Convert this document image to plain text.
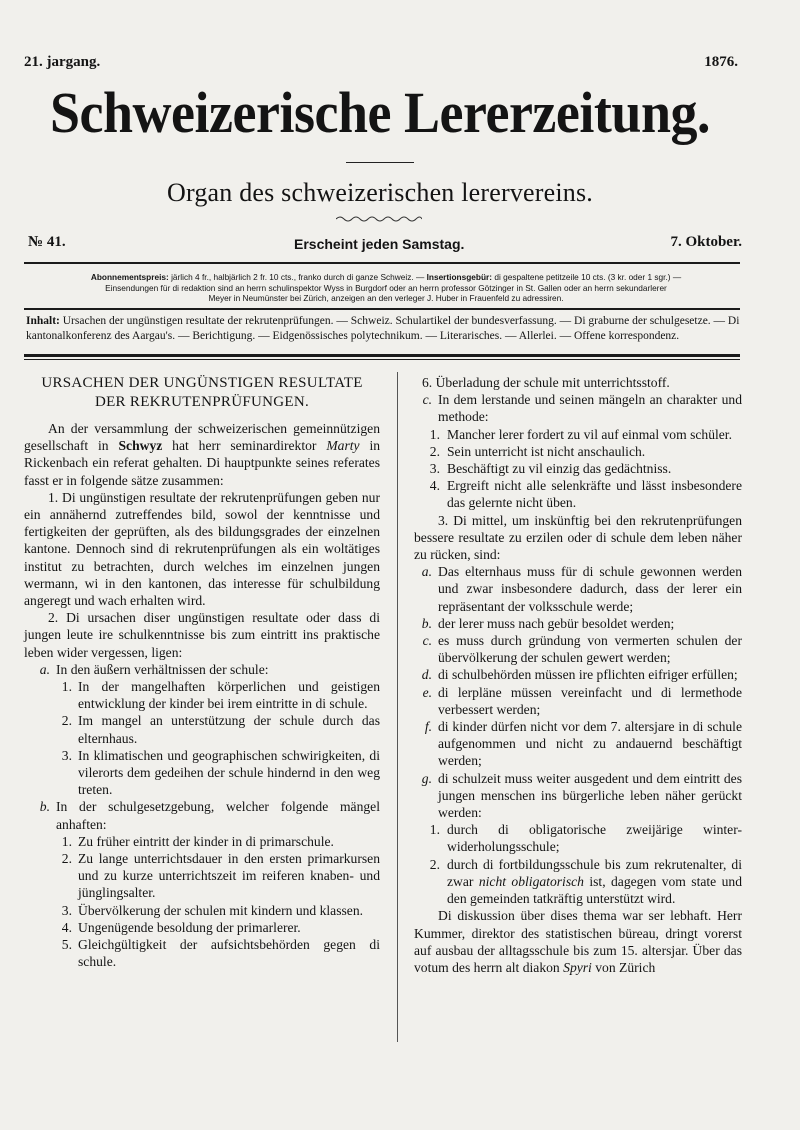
21. jargang.	1876.
Schweizerische Lererzeitung.
Organ des schweizerischen lerervereins.
№ 41.	Erscheint jeden Samstag.	7. Oktober.
Abonnementspreis: järlich 4 fr., halbjärlich 2 fr. 10 cts., franko durch di ganze Schweiz. — Insertionsgebür: di gespaltene petitzeile 10 cts. (3 kr. oder 1 sgr.) —
Einsendungen für di redaktion sind an herrn schulinspektor Wyss in Burgdorf oder an herrn professor Götzinger in St. Gallen oder an herrn sekundarlerer
Meyer in Neumünster bei Zürich, anzeigen an den verleger J. Huber in Frauenfeld zu adressiren.
Inhalt: Ursachen der ungünstigen resultate der rekrutenprüfungen. — Schweiz. Schulartikel der bundesverfassung. — Di graburne der schulgesetze. — Di kantonalkonferenz des Aargau's. — Berichtigung. — Eidgenössisches polytechnikum. — Literarisches. — Allerlei. — Offene korrespondenz.
URSACHEN DER UNGÜNSTIGEN RESULTATE
DER REKRUTENPRÜFUNGEN.

An der versammlung der schweizerischen gemeinnützigen gesellschaft in Schwyz hat herr seminardirektor Marty in Rickenbach ein referat gehalten. Di hauptpunkte seines referates fasst er in folgende sätze zusammen:

1. Di ungünstigen resultate der rekrutenprüfungen geben nur ein annähernd zutreffendes bild, sowol der kenntnisse und fertigkeiten der geprüften, als des bildungsgrades der einzelnen kantone. Dennoch sind di rekrutenprüfungen als ein woltätiges institut zu betrachten, durch welches im einzelnen jungen wermann, wi in den kantonen, das interesse für schulbildung angeregt und wach erhalten wird.

2. Di ursachen diser ungünstigen resultate oder dass di jungen leute ire schulkenntnisse bis zum eintritt ins praktische leben wider vergessen, ligen:

a. In den äußern verhältnissen der schule:
1. In der mangelhaften körperlichen und geistigen entwicklung der kinder bei irem eintritte in di schule.
2. Im mangel an unterstützung der schule durch das elternhaus.
3. In klimatischen und geographischen schwirigkeiten, di vilerorts dem gedeihen der schule hindernd in den weg treten.
b. In der schulgesetzgebung, welcher folgende mängel anhaften:
1. Zu früher eintritt der kinder in di primarschule.
2. Zu lange unterrichtsdauer in den ersten primarkursen und zu kurze unterrichtszeit im reiferen knaben- und jünglingsalter.
3. Übervölkerung der schulen mit kindern und klassen.
4. Ungenügende besoldung der primarlerer.
5. Gleichgültigkeit der aufsichtsbehörden gegen di schule.

6. Überladung der schule mit unterrichtsstoff.

c. In dem lerstande und seinen mängeln an charakter und methode:
1. Mancher lerer fordert zu vil auf einmal vom schüler.
2. Sein unterricht ist nicht anschaulich.
3. Beschäftigt zu vil einzig das gedächtniss.
4. Ergreift nicht alle selenkräfte und lässt insbesondere das gelernte nicht üben.

3. Di mittel, um inskünftig bei den rekrutenprüfungen bessere resultate zu erzilen oder di schule dem leben näher zu rücken, sind:

a. Das elternhaus muss für di schule gewonnen werden und zwar insbesondere dadurch, dass der lerer ein repräsentant der volksschule werde;
b. der lerer muss nach gebür besoldet werden;
c. es muss durch gründung von vermerten schulen der übervölkerung der schulen gewert werden;
d. di schulbehörden müssen ire pflichten eifriger erfüllen;
e. di lerpläne müssen vereinfacht und di lermethode verbessert werden;
f. di kinder dürfen nicht vor dem 7. altersjare in di schule aufgenommen und nicht zu andauernd beschäftigt werden;
g. di schulzeit muss weiter ausgedent und dem eintritt des jungen menschen ins bürgerliche leben näher gerückt werden:
1. durch di obligatorische zweijärige winter-widerholungsschule;
2. durch di fortbildungsschule bis zum rekrutenalter, di zwar nicht obligatorisch ist, dagegen vom state und den gemeinden tatkräftig unterstützt wird.

Di diskussion über dises thema war ser lebhaft. Herr Kummer, direktor des statistischen büreau, dringt vorerst auf ausbau der alltagsschule bis zum 15. altersjar. Über das votum des herrn alt diakon Spyri von Zürich
